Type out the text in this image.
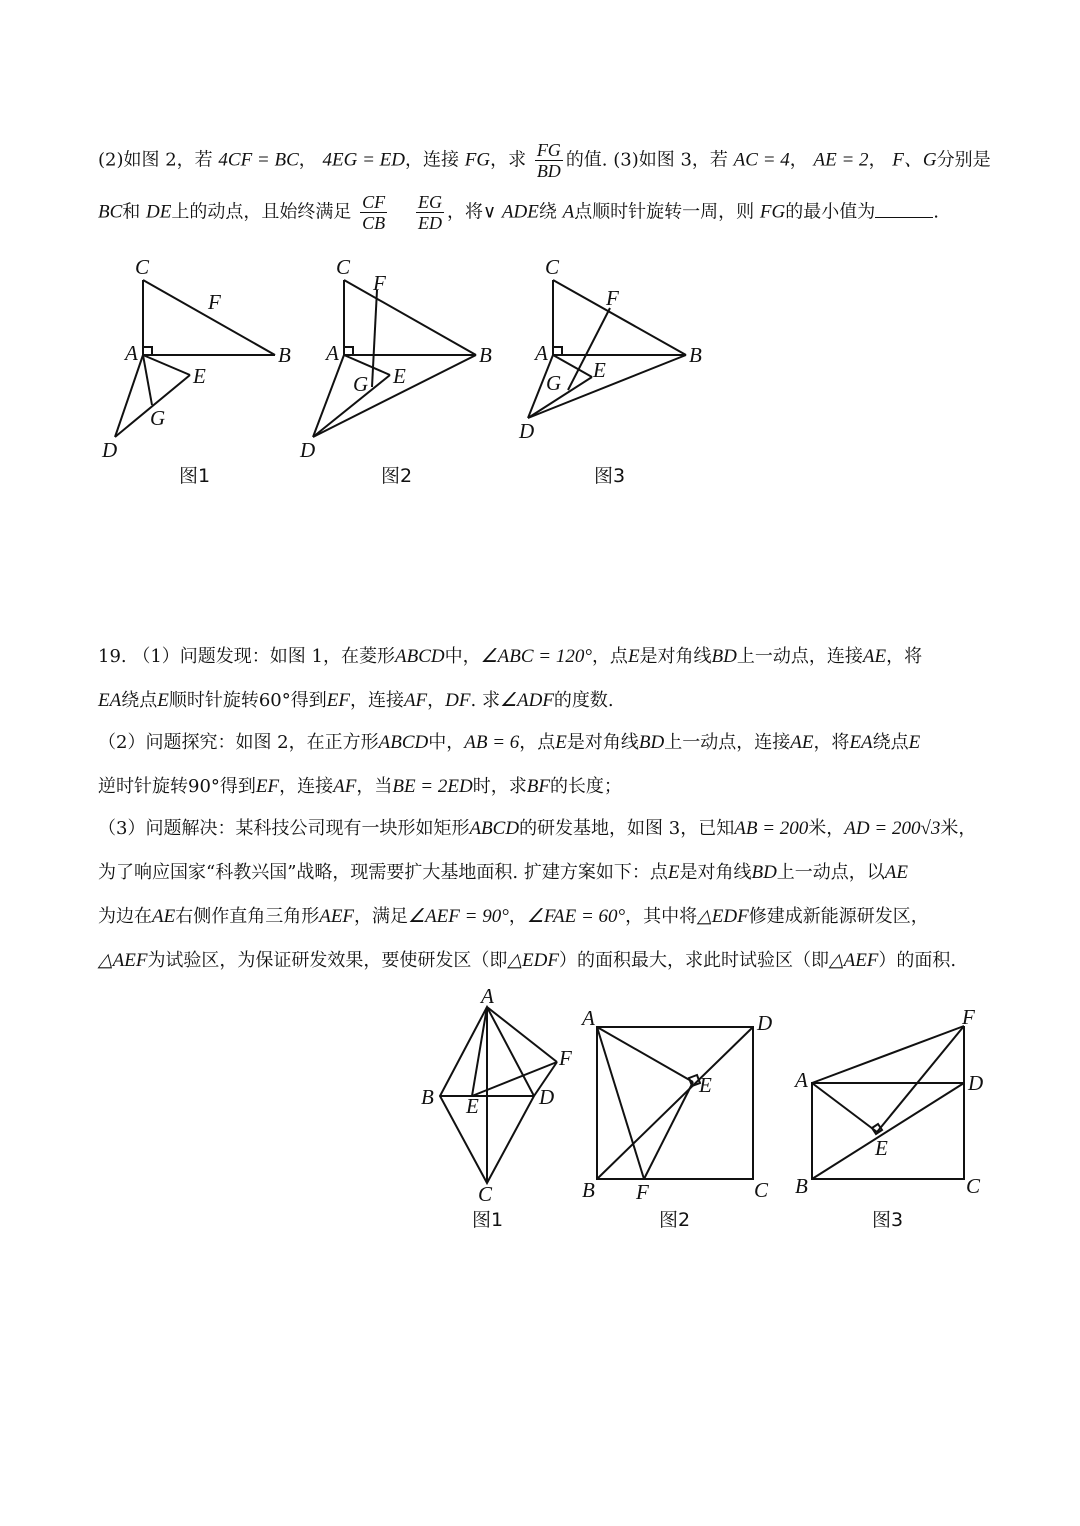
(2)如图 2，若 4CF = BC， 4EG = ED，连接 FG，求 $\frac{FG}{BD}$ 的值. (3)如图 3，若 AC = 4， AE = 2， F、G分别是
BC和 DE上的动点，且始终满足 $\frac{CF}{CB}$
$\frac{EG}{ED}$ ，将∨ ADE绕 A点顺时针旋转一周，则 FG的最小值为	.
C
F
A	B
E
G
D
图1
C
F
A	B
E
G
D
图2
C
F
A	B
E
G
D
图3
19. （1）问题发现：如图 1，在菱形ABCD中，∠ABC = 120°，点E是对角线BD上一动点，连接AE，将
EA绕点E顺时针旋转60°得到EF，连接AF，DF. 求∠ADF的度数.
（2）问题探究：如图 2，在正方形ABCD中，AB = 6，点E是对角线BD上一动点，连接AE，将EA绕点E
逆时针旋转90°得到EF，连接AF，当BE = 2ED时，求BF的长度；
（3）问题解决：某科技公司现有一块形如矩形ABCD的研发基地，如图 3，已知AB = 200米，AD = 200√3米，
为了响应国家“科教兴国”战略，现需要扩大基地面积. 扩建方案如下：点E是对角线BD上一动点，以AE
为边在AE右侧作直角三角形AEF，满足∠AEF = 90°，∠FAE = 60°，其中将△EDF修建成新能源研发区，
△AEF为试验区，为保证研发效果，要使研发区（即△EDF）的面积最大，求此时试验区（即△AEF）的面积.
A
B E	D
F
C
图1
A	D
E
B F	C
图2
F
A	D
E
B	C
图3
